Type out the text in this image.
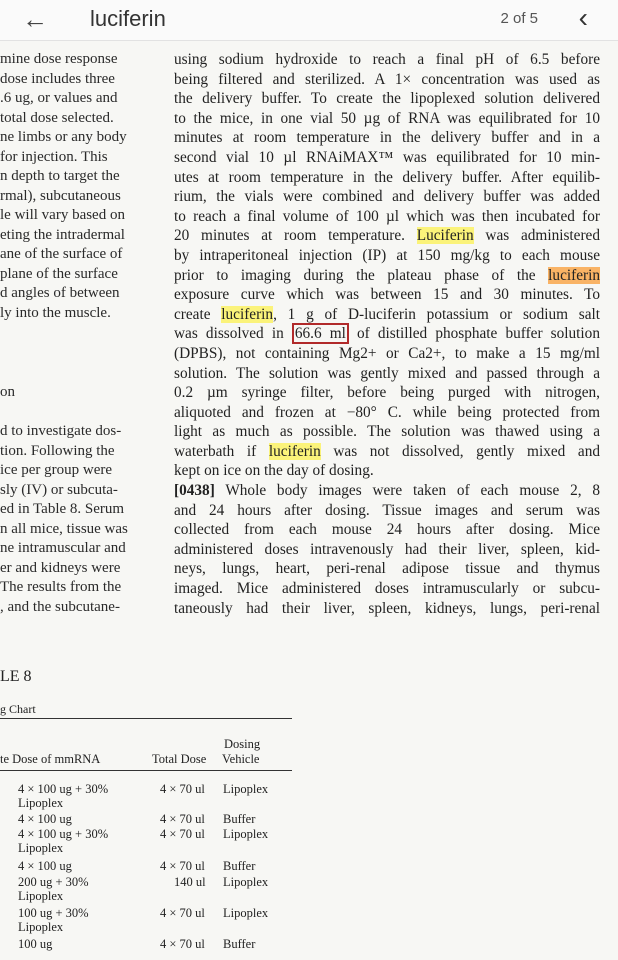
← luciferin	2 of 5 ‹
mine dose response
dose includes three
.6 ug, or values and
total dose selected.
ne limbs or any body
for injection. This
n depth to target the
rmal), subcutaneous
le will vary based on
eting the intradermal
ane of the surface of
plane of the surface
d angles of between
ly into the muscle.
on
d to investigate dos-
tion. Following the
ice per group were
sly (IV) or subcuta-
ed in Table 8. Serum
n all mice, tissue was
ne intramuscular and
er and kidneys were
The results from the
, and the subcutane-
using sodium hydroxide to reach a final pH of 6.5 before
being filtered and sterilized. A 1× concentration was used as
the delivery buffer. To create the lipoplexed solution delivered
to the mice, in one vial 50 µg of RNA was equilibrated for 10
minutes at room temperature in the delivery buffer and in a
second vial 10 µl RNAiMAX™ was equilibrated for 10 min-
utes at room temperature in the delivery buffer. After equilib-
rium, the vials were combined and delivery buffer was added
to reach a final volume of 100 µl which was then incubated for
20 minutes at room temperature. Luciferin was administered
by intraperitoneal injection (IP) at 150 mg/kg to each mouse
prior to imaging during the plateau phase of the luciferin
exposure curve which was between 15 and 30 minutes. To
create luciferin, 1 g of D-luciferin potassium or sodium salt
was dissolved in 66.6 ml of distilled phosphate buffer solution
(DPBS), not containing Mg2+ or Ca2+, to make a 15 mg/ml
solution. The solution was gently mixed and passed through a
0.2 µm syringe filter, before being purged with nitrogen,
aliquoted and frozen at −80° C. while being protected from
light as much as possible. The solution was thawed using a
waterbath if luciferin was not dissolved, gently mixed and
kept on ice on the day of dosing.
[0438] Whole body images were taken of each mouse 2, 8
and 24 hours after dosing. Tissue images and serum was
collected from each mouse 24 hours after dosing. Mice
administered doses intravenously had their liver, spleen, kid-
neys, lungs, heart, peri-renal adipose tissue and thymus
imaged. Mice administered doses intramuscularly or subcu-
taneously had their liver, spleen, kidneys, lungs, peri-renal
LE 8
g Chart
te Dose of mmRNA	Total Dose
Dosing
Vehicle
4 × 100 ug + 30%	4 × 70 ul Lipoplex
Lipoplex
4 × 100 ug	4 × 70 ul Buffer
4 × 100 ug + 30%	4 × 70 ul Lipoplex
Lipoplex
4 × 100 ug	4 × 70 ul Buffer
200 ug + 30%	140 ul Lipoplex
Lipoplex
100 ug + 30%	4 × 70 ul Lipoplex
Lipoplex
100 ug	4 × 70 ul Buffer
